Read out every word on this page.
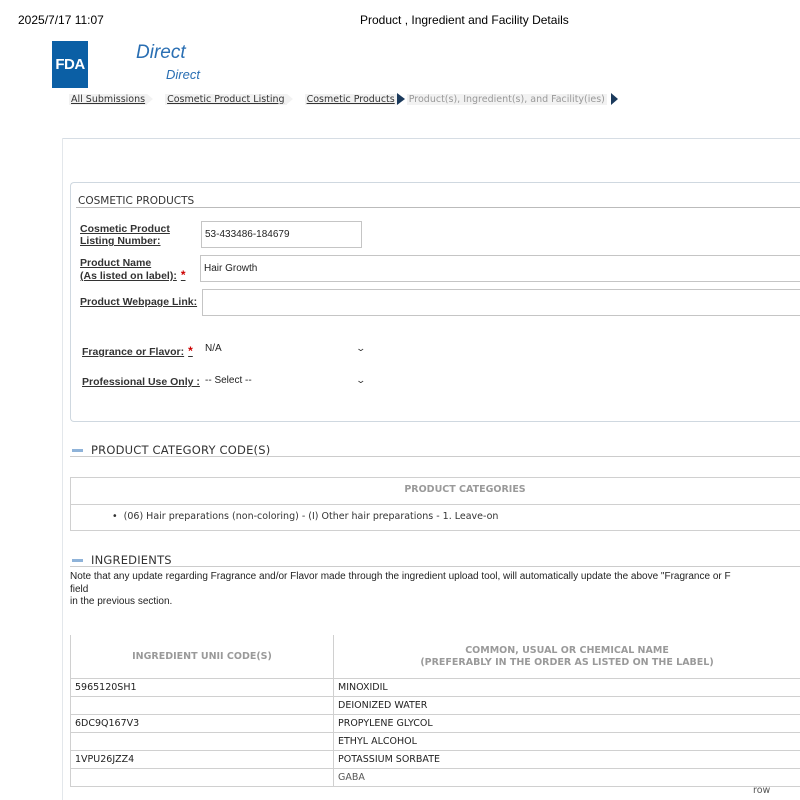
2025/7/17 11:07	Product , Ingredient and Facility Details
FDA
Direct
Direct
All Submissions Cosmetic Product Listing Cosmetic Products Product(s), Ingredient(s), and Facility(ies)
COSMETIC PRODUCTS
Cosmetic Product
Listing Number:
53-433486-184679
Product Name
(As listed on label): *	Hair Growth
Product Webpage Link:
Fragrance or Flavor: * N/A	⌄
Professional Use Only : -- Select --	⌄
PRODUCT CATEGORY CODE(S)
PRODUCT CATEGORIES
•  (06) Hair preparations (non-coloring) - (I) Other hair preparations - 1. Leave-on
INGREDIENTS
Note that any update regarding Fragrance and/or Flavor made through the ingredient upload tool, will automatically update the above "Fragrance or F
field
in the previous section.
INGREDIENT UNII CODE(S)	COMMON, USUAL OR CHEMICAL NAME
(PREFERABLY IN THE ORDER AS LISTED ON THE LABEL)

5965120SH1	MINOXIDIL
	DEIONIZED WATER
6DC9Q167V3	PROPYLENE GLYCOL
	ETHYL ALCOHOL
1VPU26JZZ4	POTASSIUM SORBATE
	GABA
row
